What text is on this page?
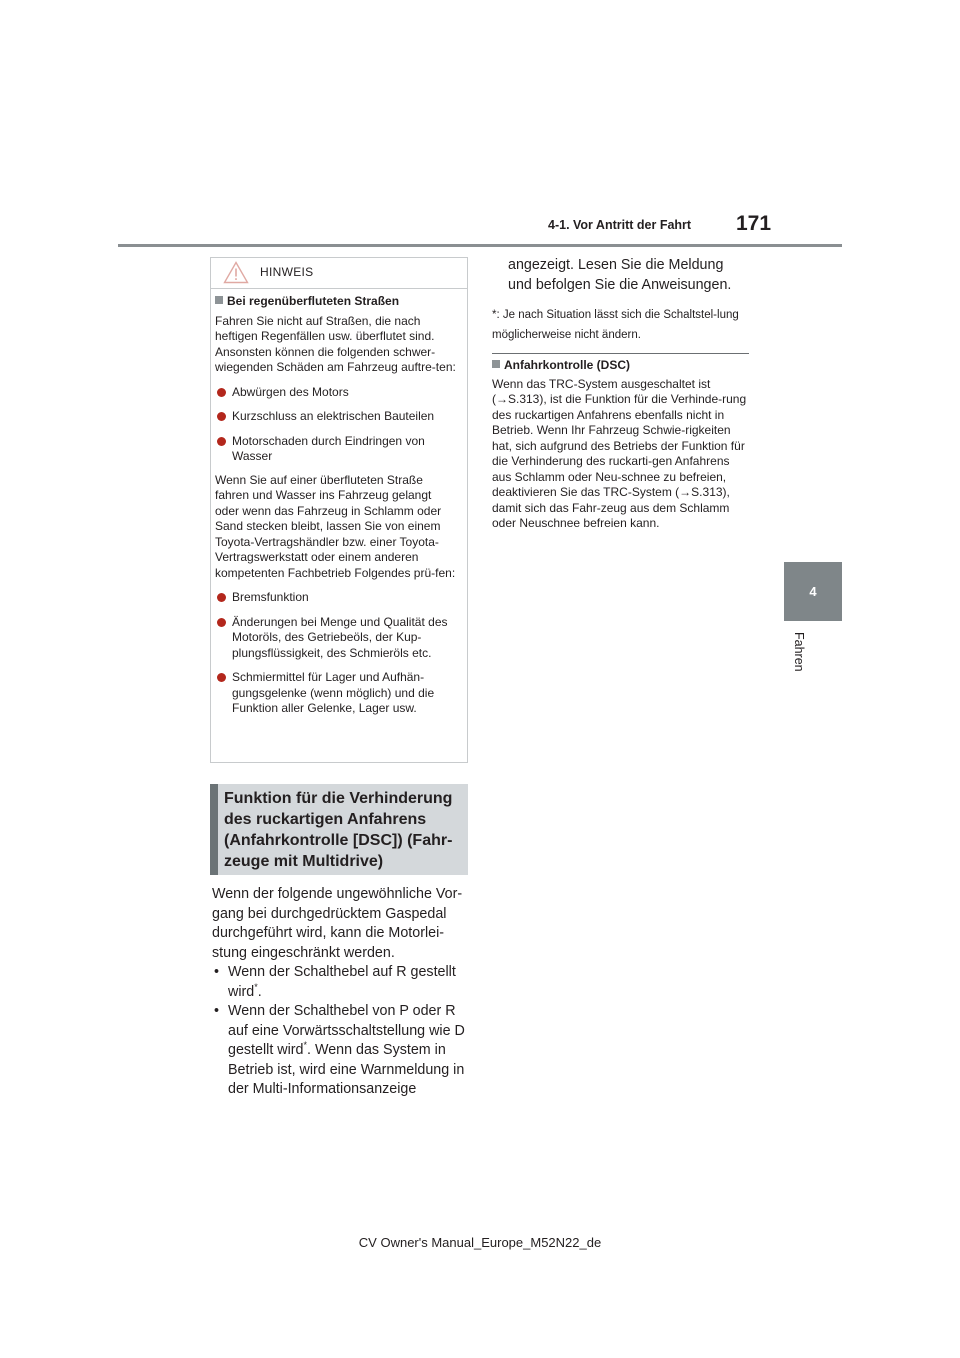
4-1. Vor Antritt der Fahrt 171
4
Fahren
HINWEIS
Bei regenüberfluteten Straßen
Fahren Sie nicht auf Straßen, die nach heftigen Regenfällen usw. überflutet sind. Ansonsten können die folgenden schwer-wiegenden Schäden am Fahrzeug auftre-ten:
Abwürgen des Motors
Kurzschluss an elektrischen Bauteilen
Motorschaden durch Eindringen von Wasser
Wenn Sie auf einer überfluteten Straße fahren und Wasser ins Fahrzeug gelangt oder wenn das Fahrzeug in Schlamm oder Sand stecken bleibt, lassen Sie von einem Toyota-Vertragshändler bzw. einer Toyota-Vertragswerkstatt oder einem anderen kompetenten Fachbetrieb Folgendes prü-fen:
Bremsfunktion
Änderungen bei Menge und Qualität des Motoröls, des Getriebeöls, der Kup-plungsflüssigkeit, des Schmieröls etc.
Schmiermittel für Lager und Aufhän-gungsgelenke (wenn möglich) und die Funktion aller Gelenke, Lager usw.
Funktion für die Verhinderung des ruckartigen Anfahrens (Anfahrkontrolle [DSC]) (Fahr-zeuge mit Multidrive)
Wenn der folgende ungewöhnliche Vor-gang bei durchgedrücktem Gaspedal durchgeführt wird, kann die Motorlei-stung eingeschränkt werden.
• Wenn der Schalthebel auf R gestellt wird*.
• Wenn der Schalthebel von P oder R auf eine Vorwärtsschaltstellung wie D gestellt wird*. Wenn das System in Betrieb ist, wird eine Warnmeldung in der Multi-Informationsanzeige
angezeigt. Lesen Sie die Meldung und befolgen Sie die Anweisungen.
*: Je nach Situation lässt sich die Schaltstel-lung möglicherweise nicht ändern.
Anfahrkontrolle (DSC)
Wenn das TRC-System ausgeschaltet ist (→S.313), ist die Funktion für die Verhinde-rung des ruckartigen Anfahrens ebenfalls nicht in Betrieb. Wenn Ihr Fahrzeug Schwie-rigkeiten hat, sich aufgrund des Betriebs der Funktion für die Verhinderung des ruckarti-gen Anfahrens aus Schlamm oder Neu-schnee zu befreien, deaktivieren Sie das TRC-System (→S.313), damit sich das Fahr-zeug aus dem Schlamm oder Neuschnee befreien kann.
CV Owner's Manual_Europe_M52N22_de
